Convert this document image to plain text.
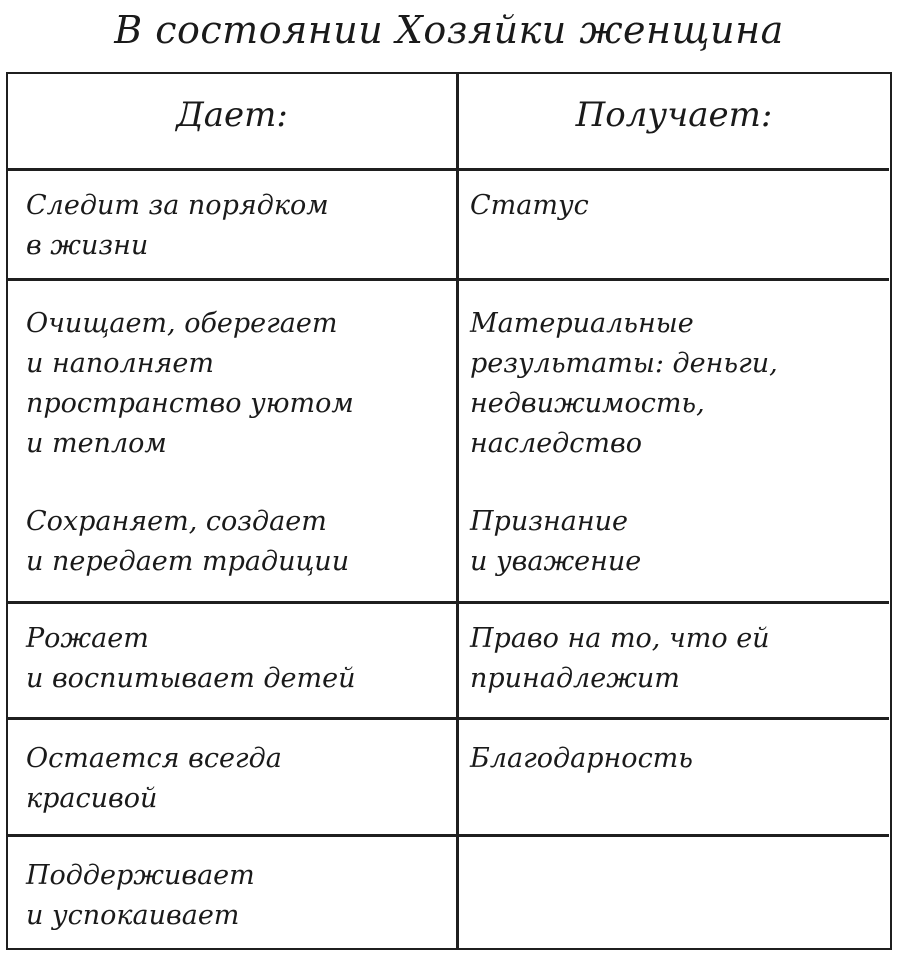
В состоянии Хозяйки женщина
Дает:	Получает:
Следит за порядком
в жизни
Статус
Очищает, оберегает
и наполняет
пространство уютом
и теплом
Материальные
результаты: деньги,
недвижимость,
наследство
Сохраняет, создает
и передает традиции
Признание
и уважение
Рожает
и воспитывает детей
Право на то, что ей
принадлежит
Остается всегда
красивой
Благодарность
Поддерживает
и успокаивает
